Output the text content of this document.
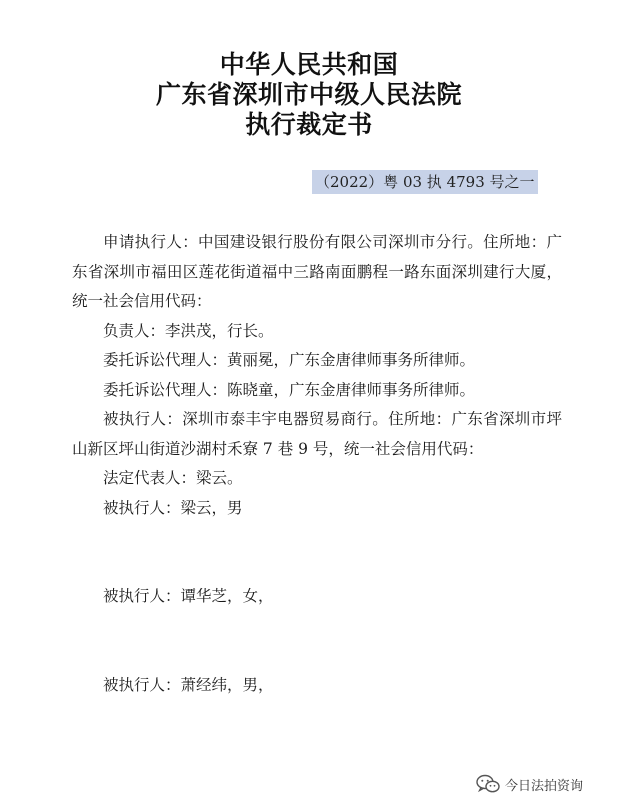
中华人民共和国
广东省深圳市中级人民法院
执行裁定书
（2022）粤 03 执 4793 号之一

申请执行人：中国建设银行股份有限公司深圳市分行。住所地：广东省深圳市福田区莲花街道福中三路南面鹏程一路东面深圳建行大厦，统一社会信用代码：

负责人：李洪茂，行长。

委托诉讼代理人：黄丽冕，广东金唐律师事务所律师。

委托诉讼代理人：陈晓童，广东金唐律师事务所律师。

被执行人：深圳市泰丰宇电器贸易商行。住所地：广东省深圳市坪山新区坪山街道沙湖村禾寮 7 巷 9 号，统一社会信用代码：

法定代表人：梁云。

被执行人：梁云，男

被执行人：谭华芝，女，

被执行人：萧经纬，男，

今日法拍资询
